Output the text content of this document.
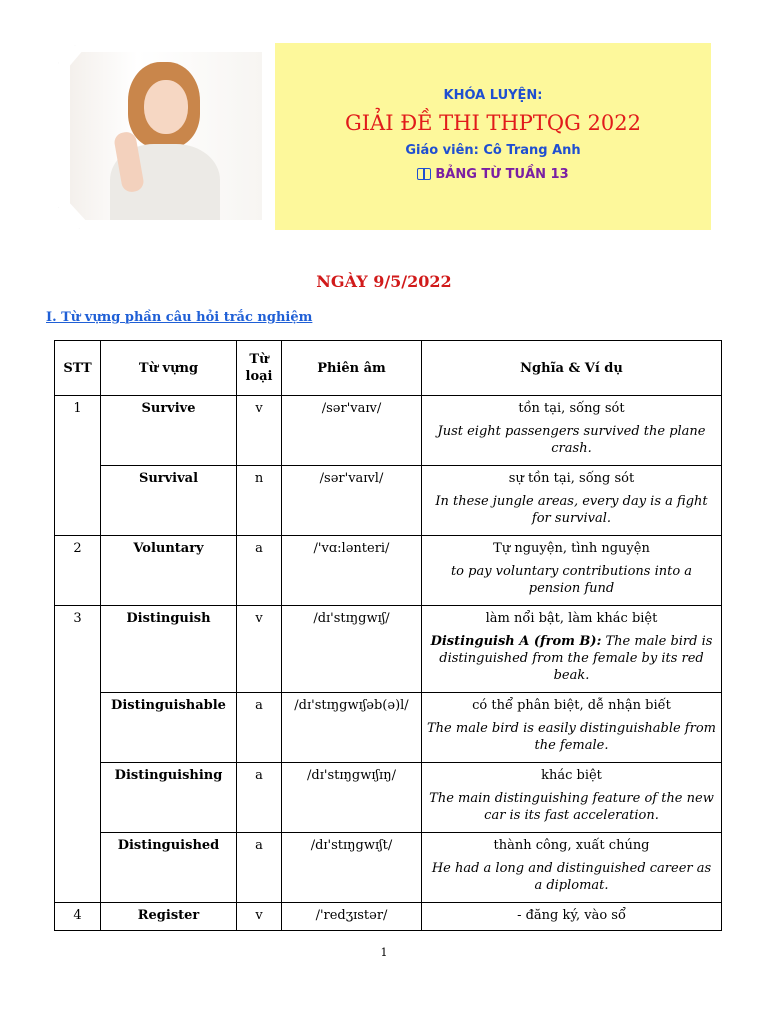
KHÓA LUYỆN:
GIẢI ĐỀ THI THPTQG 2022
Giáo viên: Cô Trang Anh
BẢNG TỪ TUẦN 13
NGÀY 9/5/2022
I. Từ vựng phần câu hỏi trắc nghiệm
STT	Từ vựng	Từ loại	Phiên âm	Nghĩa & Ví dụ
1	Survive	v	/sər'vaɪv/	tồn tại, sống sót
Just eight passengers survived the plane crash.

	Survival	n	/sər'vaɪvl/	sự tồn tại, sống sót
In these jungle areas, every day is a fight for survival.

2	Voluntary	a	/'vɑ:lənteri/	Tự nguyện, tình nguyện
to pay voluntary contributions into a pension fund

3	Distinguish	v	/dɪ'stɪŋgwɪʃ/	làm nổi bật, làm khác biệt
Distinguish A (from B): The male bird is distinguished from the female by its red beak.

	Distinguishable	a	/dɪ'stɪŋgwɪʃəb(ə)l/	có thể phân biệt, dễ nhận biết
The male bird is easily distinguishable from the female.

	Distinguishing	a	/dɪ'stɪŋgwɪʃɪŋ/	khác biệt
The main distinguishing feature of the new car is its fast acceleration.

	Distinguished	a	/dɪ'stɪŋgwɪʃt/	thành công, xuất chúng
He had a long and distinguished career as a diplomat.

4	Register	v	/'redʒɪstər/	- đăng ký, vào sổ
1
